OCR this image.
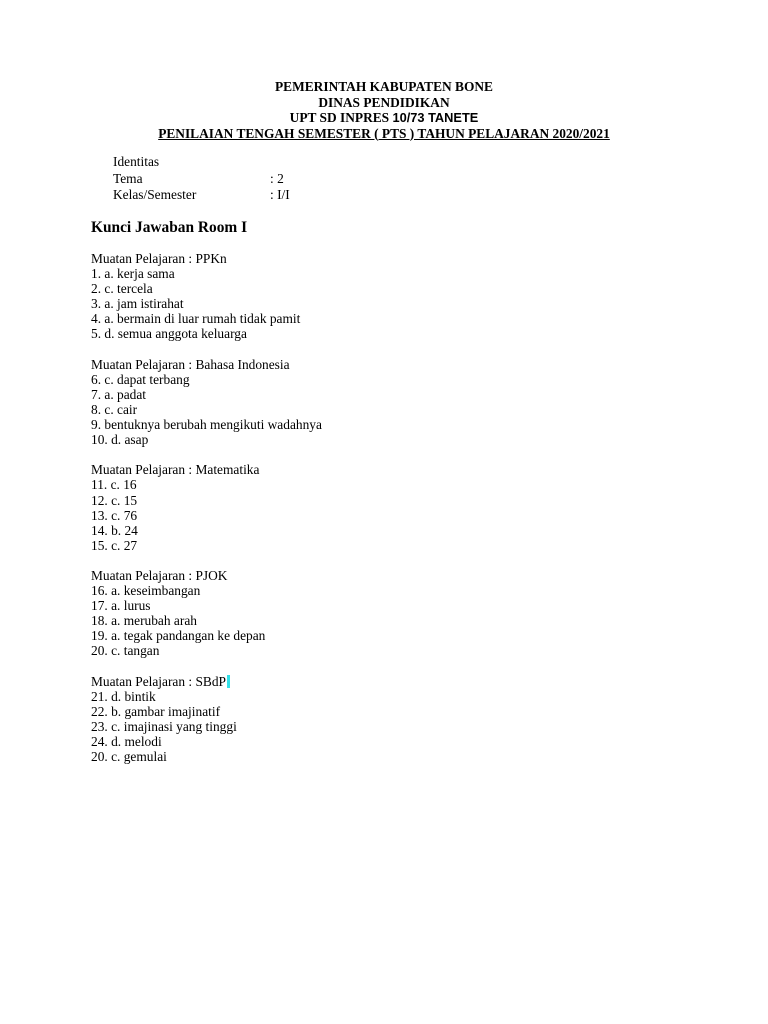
PEMERINTAH KABUPATEN BONE
DINAS PENDIDIKAN
UPT SD INPRES 10/73 TANETE
PENILAIAN TENGAH SEMESTER ( PTS ) TAHUN PELAJARAN 2020/2021
Identitas
Tema	: 2
Kelas/Semester	: I/I
Kunci Jawaban Room I
Muatan Pelajaran : PPKn
1. a. kerja sama
2. c. tercela
3. a. jam istirahat
4. a. bermain di luar rumah tidak pamit
5. d. semua anggota keluarga
Muatan Pelajaran : Bahasa Indonesia
6. c. dapat terbang
7. a. padat
8. c. cair
9. bentuknya berubah mengikuti wadahnya
10. d. asap
Muatan Pelajaran : Matematika
11. c. 16
12. c. 15
13. c. 76
14. b. 24
15. c. 27
Muatan Pelajaran : PJOK
16. a. keseimbangan
17. a. lurus
18. a. merubah arah
19. a. tegak pandangan ke depan
20. c. tangan
Muatan Pelajaran : SBdP
21. d. bintik
22. b. gambar imajinatif
23. c. imajinasi yang tinggi
24. d. melodi
20. c. gemulai
